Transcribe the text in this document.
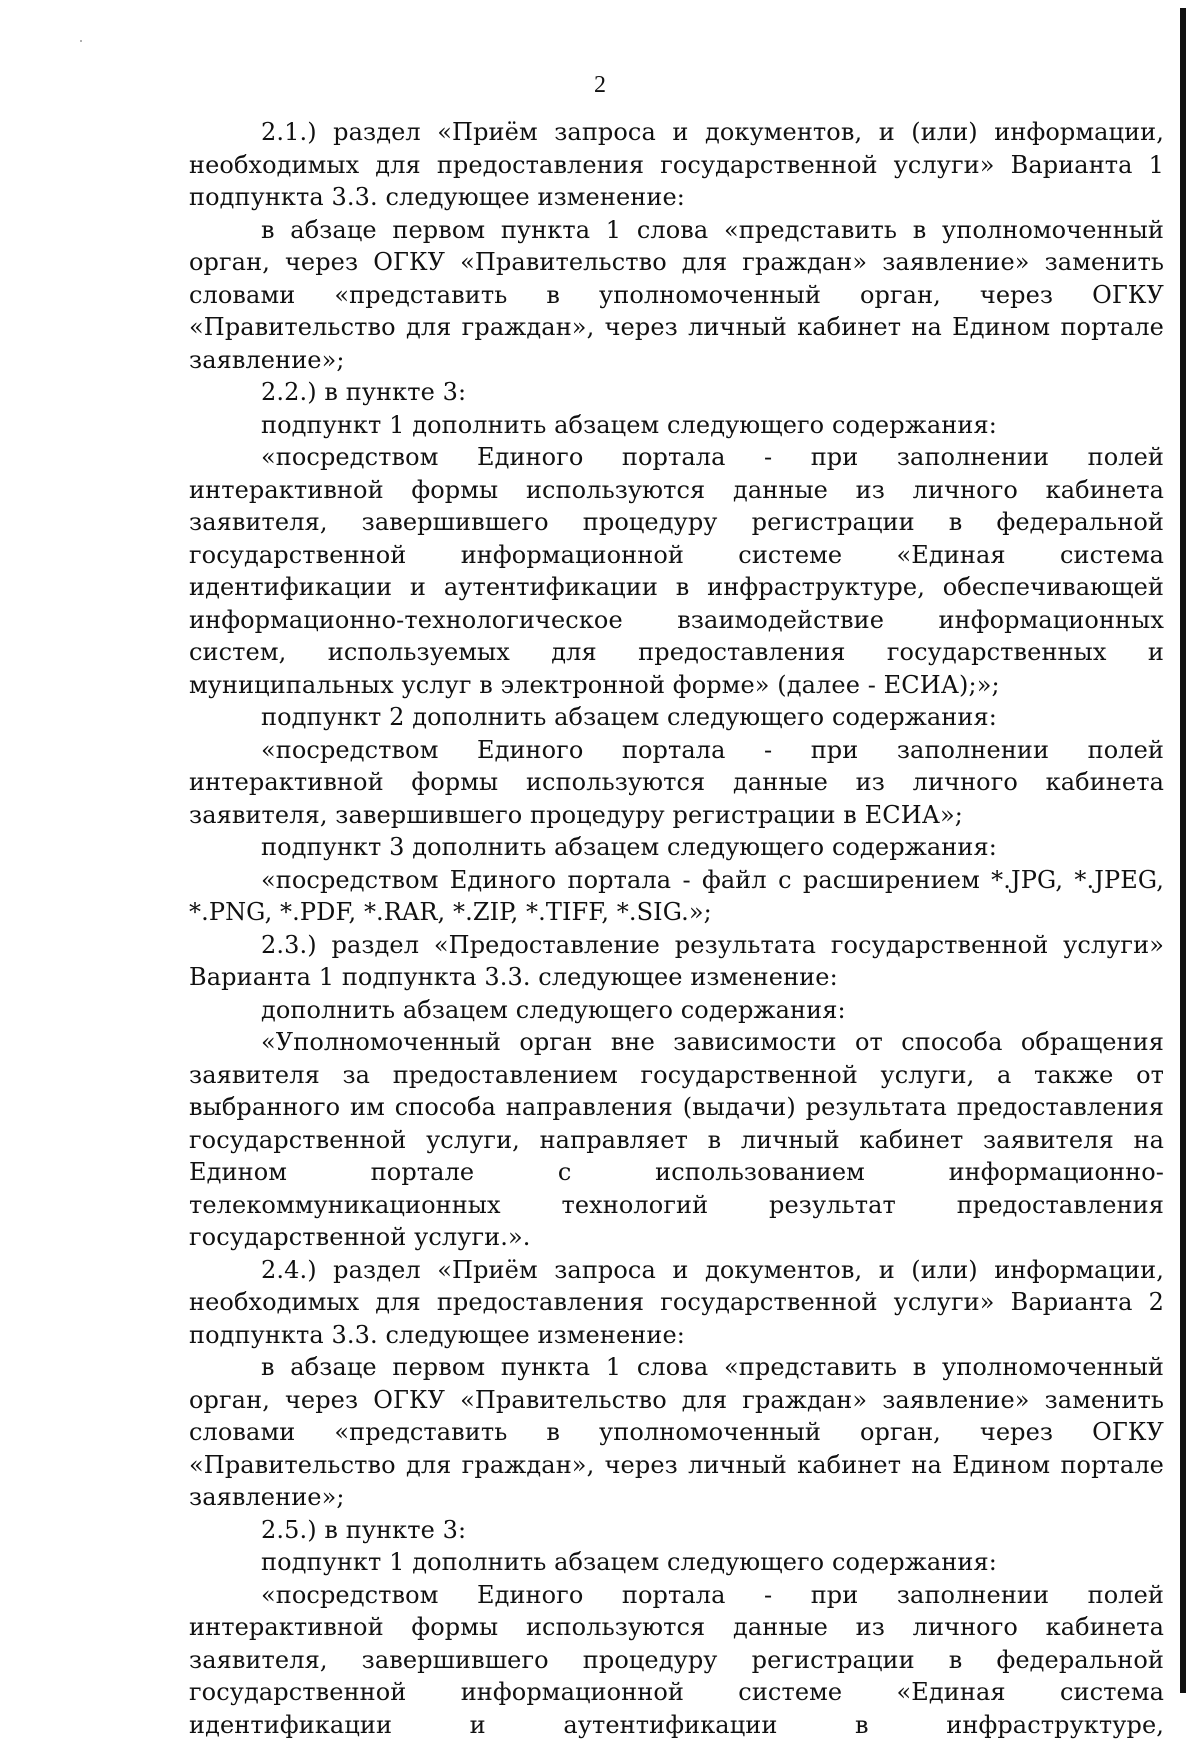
2

2.1.) раздел «Приём запроса и документов, и (или) информации, необходимых для предоставления государственной услуги» Варианта 1 подпункта 3.3. следующее изменение:

в абзаце первом пункта 1 слова «представить в уполномоченный орган, через ОГКУ «Правительство для граждан» заявление» заменить словами «представить в уполномоченный орган, через ОГКУ «Правительство для граждан», через личный кабинет на Едином портале заявление»;

2.2.) в пункте 3:

подпункт 1 дополнить абзацем следующего содержания:

«посредством Единого портала - при заполнении полей интерактивной формы используются данные из личного кабинета заявителя, завершившего процедуру регистрации в федеральной государственной информационной системе «Единая система идентификации и аутентификации в инфраструктуре, обеспечивающей информационно-технологическое взаимодействие информационных систем, используемых для предоставления государственных и муниципальных услуг в электронной форме» (далее - ЕСИА);»;

подпункт 2 дополнить абзацем следующего содержания:

«посредством Единого портала - при заполнении полей интерактивной формы используются данные из личного кабинета заявителя, завершившего процедуру регистрации в ЕСИА»;

подпункт 3 дополнить абзацем следующего содержания:

«посредством Единого портала - файл с расширением *.JPG, *.JPEG, *.PNG, *.PDF, *.RAR, *.ZIP, *.TIFF, *.SIG.»;

2.3.) раздел «Предоставление результата государственной услуги» Варианта 1 подпункта 3.3. следующее изменение:

дополнить абзацем следующего содержания:

«Уполномоченный орган вне зависимости от способа обращения заявителя за предоставлением государственной услуги, а также от выбранного им способа направления (выдачи) результата предоставления государственной услуги, направляет в личный кабинет заявителя на Едином портале с использованием информационно-телекоммуникационных технологий результат предоставления государственной услуги.».

2.4.) раздел «Приём запроса и документов, и (или) информации, необходимых для предоставления государственной услуги» Варианта 2 подпункта 3.3. следующее изменение:

в абзаце первом пункта 1 слова «представить в уполномоченный орган, через ОГКУ «Правительство для граждан» заявление» заменить словами «представить в уполномоченный орган, через ОГКУ «Правительство для граждан», через личный кабинет на Едином портале заявление»;

2.5.) в пункте 3:

подпункт 1 дополнить абзацем следующего содержания:

«посредством Единого портала - при заполнении полей интерактивной формы используются данные из личного кабинета заявителя, завершившего процедуру регистрации в федеральной государственной информационной системе «Единая система идентификации и аутентификации в инфраструктуре,
